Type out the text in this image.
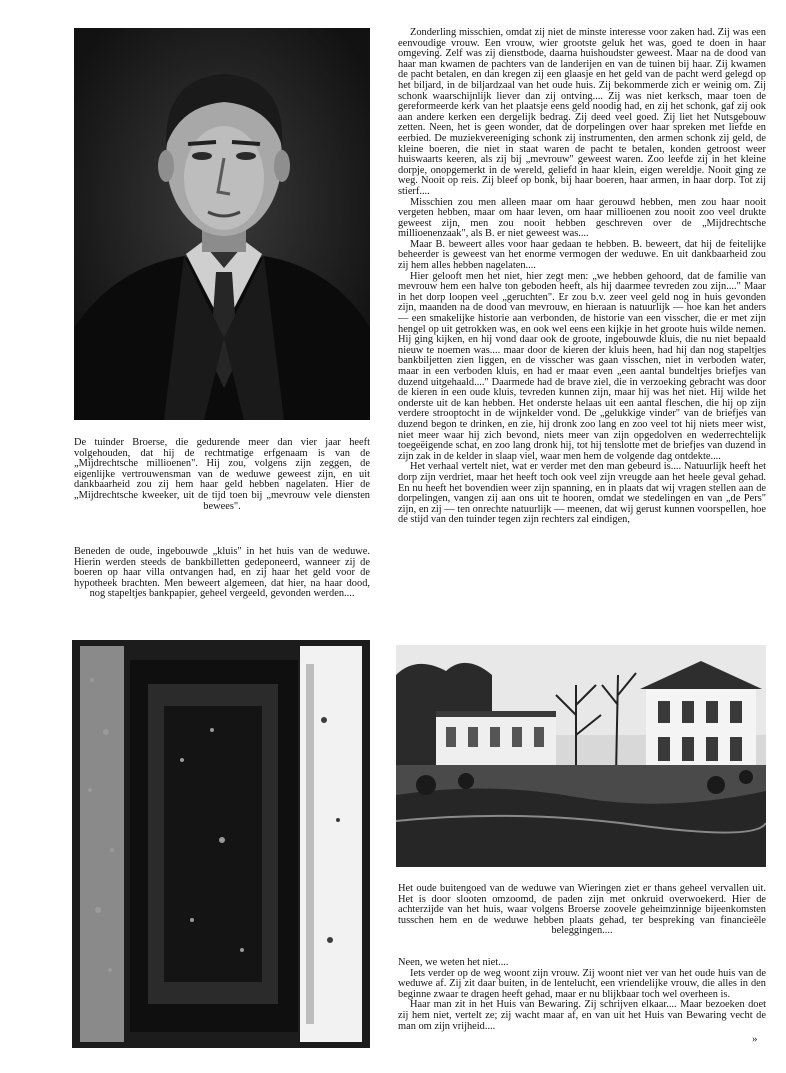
De tuinder Broerse, die gedurende meer dan vier jaar heeft volgehouden, dat hij de rechtmatige erfgenaam is van de „Mijdrechtsche millioenen". Hij zou, volgens zijn zeggen, de eigenlijke vertrouwensman van de weduwe geweest zijn, en uit dankbaarheid zou zij hem haar geld hebben nagelaten. Hier de „Mijdrechtsche kweeker, uit de tijd toen bij „mevrouw vele diensten bewees".

Beneden de oude, ingebouwde „kluis" in het huis van de weduwe. Hierin werden steeds de bankbilletten gedeponeerd, wanneer zij de boeren op haar villa ontvangen had, en zij haar het geld voor de hypotheek brachten. Men beweert algemeen, dat hier, na haar dood, nog stapeltjes bankpapier, geheel vergeeld, gevonden werden....

Zonderling misschien, omdat zij niet de minste interesse voor zaken had. Zij was een eenvoudige vrouw. Een vrouw, wier grootste geluk het was, goed te doen in haar omgeving. Zelf was zij dienstbode, daarna huishoudster geweest. Maar na de dood van haar man kwamen de pachters van de landerijen en van de tuinen bij haar. Zij kwamen de pacht betalen, en dan kregen zij een glaasje en het geld van de pacht werd gelegd op het biljard, in de biljardzaal van het oude huis. Zij bekommerde zich er weinig om. Zij schonk waarschijnlijk liever dan zij ontving.... Zij was niet kerksch, maar toen de gereformeerde kerk van het plaatsje eens geld noodig had, en zij het schonk, gaf zij ook aan andere kerken een dergelijk bedrag. Zij deed veel goed. Zij liet het Nutsgebouw zetten. Neen, het is geen wonder, dat de dorpelingen over haar spreken met liefde en eerbied. De muziekvereeniging schonk zij instrumenten, den armen schonk zij geld, de kleine boeren, die niet in staat waren de pacht te betalen, konden getroost weer huiswaarts keeren, als zij bij „mevrouw" geweest waren. Zoo leefde zij in het kleine dorpje, onopgemerkt in de wereld, geliefd in haar klein, eigen wereldje. Nooit ging ze weg. Nooit op reis. Zij bleef op bonk, bij haar boeren, haar armen, in haar dorp. Tot zij stierf....

Misschien zou men alleen maar om haar gerouwd hebben, men zou haar nooit vergeten hebben, maar om haar leven, om haar millioenen zou nooit zoo veel drukte geweest zijn, men zou nooit hebben geschreven over de „Mijdrechtsche millioenenzaak", als B. er niet geweest was....

Maar B. beweert alles voor haar gedaan te hebben. B. beweert, dat hij de feitelijke beheerder is geweest van het enorme vermogen der weduwe. En uit dankbaarheid zou zij hem alles hebben nagelaten....

Hier gelooft men het niet, hier zegt men: „we hebben gehoord, dat de familie van mevrouw hem een halve ton geboden heeft, als hij daarmee tevreden zou zijn...." Maar in het dorp loopen veel „geruchten". Er zou b.v. zeer veel geld nog in huis gevonden zijn, maanden na de dood van mevrouw, en hieraan is natuurlijk — hoe kan het anders — een smakelijke historie aan verbonden, de historie van een visscher, die er met zijn hengel op uit getrokken was, en ook wel eens een kijkje in het groote huis wilde nemen. Hij ging kijken, en hij vond daar ook de groote, ingebouwde kluis, die nu niet bepaald nieuw te noemen was.... maar door de kieren der kluis heen, had hij dan nog stapeltjes bankbiljetten zien liggen, en de visscher was gaan visschen, niet in verboden water, maar in een verboden kluis, en had er maar even „een aantal bundeltjes briefjes van duzend uitgehaald...." Daarmede had de brave ziel, die in verzoeking gebracht was door de kieren in een oude kluis, tevreden kunnen zijn, maar hij was het niet. Hij wilde het onderste uit de kan hebben. Het onderste helaas uit een aantal fleschen, die hij op zijn verdere strooptocht in de wijnkelder vond. De „gelukkige vinder" van de briefjes van duzend begon te drinken, en zie, hij dronk zoo lang en zoo veel tot hij niets meer wist, niet meer waar hij zich bevond, niets meer van zijn opgedolven en wederrechtelijk toegeëigende schat, en zoo lang dronk hij, tot hij tenslotte met de briefjes van duzend in zijn zak in de kelder in slaap viel, waar men hem de volgende dag ontdekte....

Het verhaal vertelt niet, wat er verder met den man gebeurd is.... Natuurlijk heeft het dorp zijn verdriet, maar het heeft toch ook veel zijn vreugde aan het heele geval gehad. En nu heeft het bovendien weer zijn spanning, en in plaats dat wij vragen stellen aan de dorpelingen, vangen zij aan ons uit te hooren, omdat we stedelingen en van „de Pers" zijn, en zij — ten onrechte natuurlijk — meenen, dat wij gerust kunnen voorspellen, hoe de stijd van den tuinder tegen zijn rechters zal eindigen,

Het oude buitengoed van de weduwe van Wieringen ziet er thans geheel vervallen uit. Het is door slooten omzoomd, de paden zijn met onkruid overwoekerd. Hier de achterzijde van het huis, waar volgens Broerse zoovele geheimzinnige bijeenkomsten tusschen hem en de weduwe hebben plaats gehad, ter bespreking van financieële beleggingen....

Neen, we weten het niet....

Iets verder op de weg woont zijn vrouw. Zij woont niet ver van het oude huis van de weduwe af. Zij zit daar buiten, in de lentelucht, een vriendelijke vrouw, die alles in den beginne zwaar te dragen heeft gehad, maar er nu blijkbaar toch wel overheen is.

Haar man zit in het Huis van Bewaring. Zij schrijven elkaar.... Maar bezoeken doet zij hem niet, vertelt ze; zij wacht maar af, en van uit het Huis van Bewaring vecht de man om zijn vrijheid....

»
